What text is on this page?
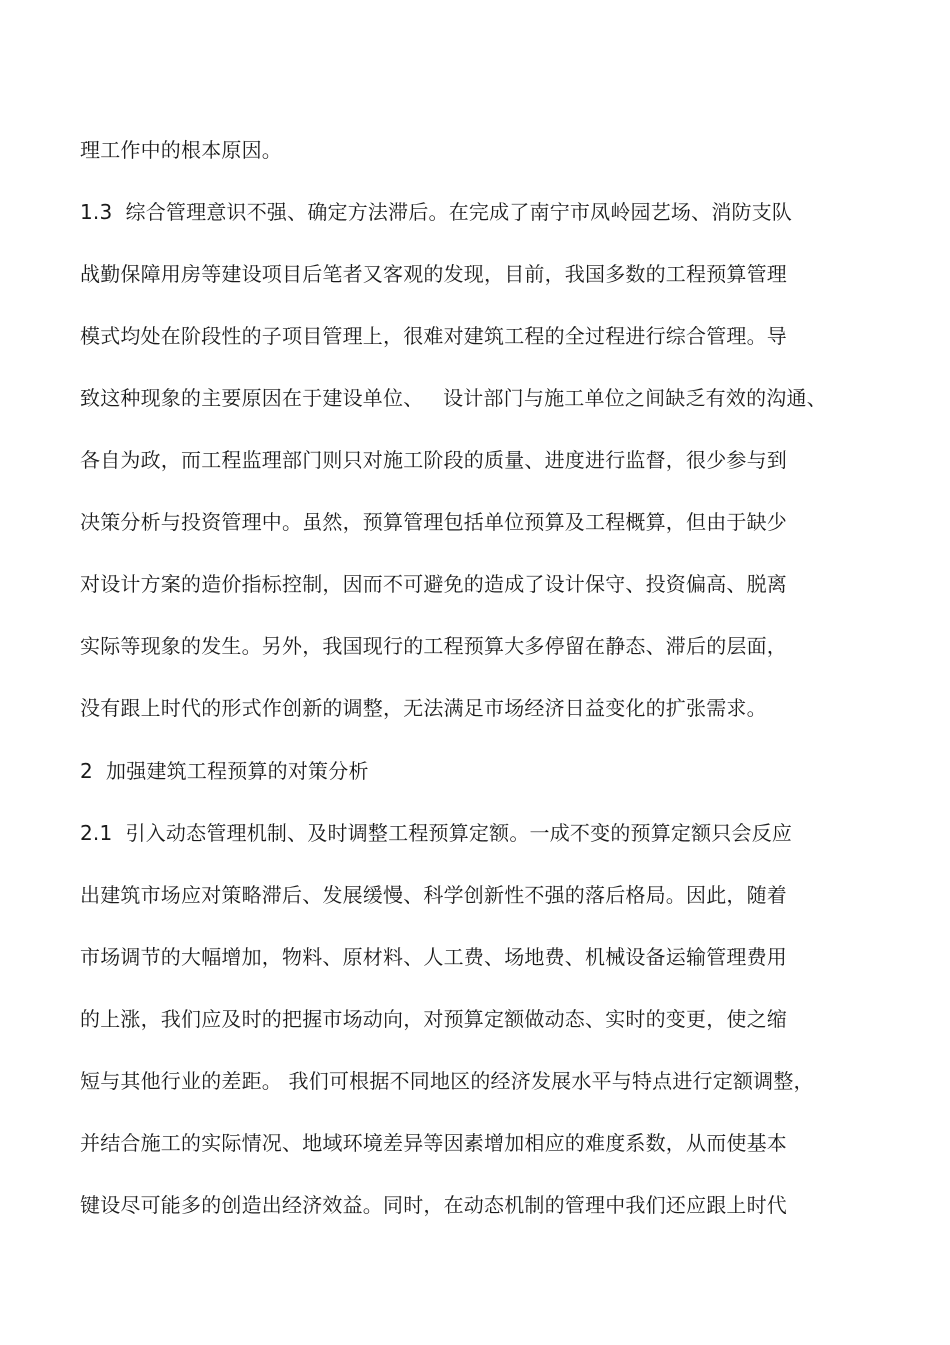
理工作中的根本原因。
1.3  综合管理意识不强、确定方法滞后。在完成了南宁市凤岭园艺场、消防支队
战勤保障用房等建设项目后笔者又客观的发现，目前，我国多数的工程预算管理
模式均处在阶段性的子项目管理上，很难对建筑工程的全过程进行综合管理。导
致这种现象的主要原因在于建设单位、   设计部门与施工单位之间缺乏有效的沟通、
各自为政，而工程监理部门则只对施工阶段的质量、进度进行监督，很少参与到
决策分析与投资管理中。虽然，预算管理包括单位预算及工程概算，但由于缺少
对设计方案的造价指标控制，因而不可避免的造成了设计保守、投资偏高、脱离
实际等现象的发生。另外，我国现行的工程预算大多停留在静态、滞后的层面，
没有跟上时代的形式作创新的调整，无法满足市场经济日益变化的扩张需求。
2  加强建筑工程预算的对策分析
2.1  引入动态管理机制、及时调整工程预算定额。一成不变的预算定额只会反应
出建筑市场应对策略滞后、发展缓慢、科学创新性不强的落后格局。因此，随着
市场调节的大幅增加，物料、原材料、人工费、场地费、机械设备运输管理费用
的上涨，我们应及时的把握市场动向，对预算定额做动态、实时的变更，使之缩
短与其他行业的差距。 我们可根据不同地区的经济发展水平与特点进行定额调整，
并结合施工的实际情况、地域环境差异等因素增加相应的难度系数，从而使基本
键设尽可能多的创造出经济效益。同时，在动态机制的管理中我们还应跟上时代
